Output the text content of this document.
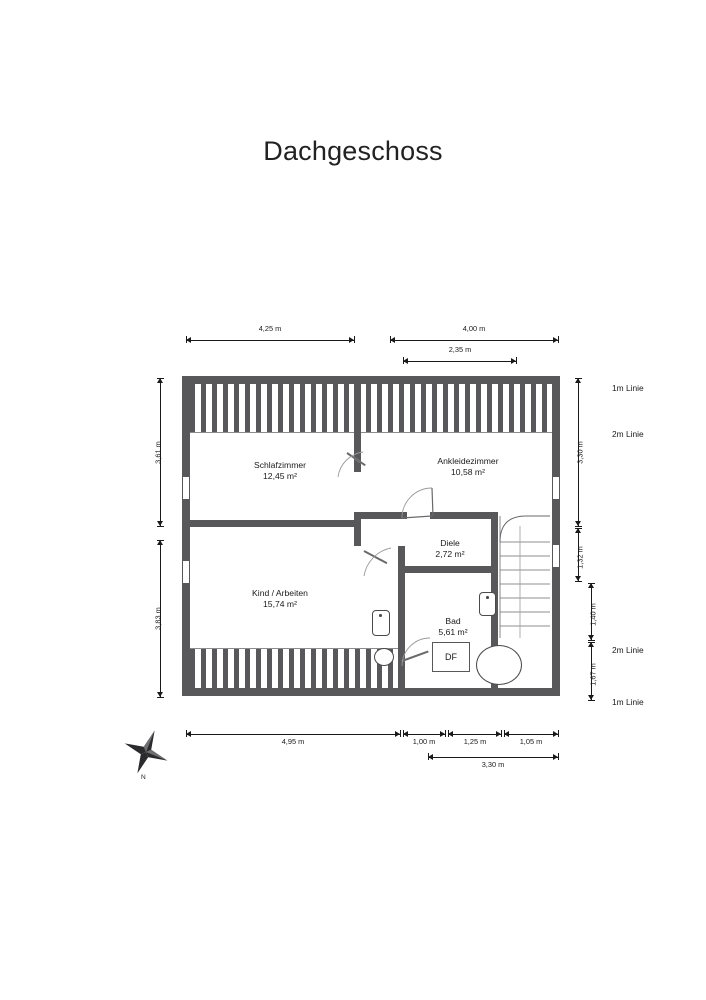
Dachgeschoss
4,25 m	4,00 m
2,35 m
3,61 m
3,83 m
3,30 m
1,32 m
1,40 m
1,67 m
1m Linie
2m Linie
2m Linie
1m Linie
4,95 m	1,00 m	1,25 m	1,05 m
3,30 m
DF
Schlafzimmer
12,45 m²
Ankleidezimmer
10,58 m²
Diele
2,72 m²
Kind / Arbeiten
15,74 m²
Bad
5,61 m²
N
